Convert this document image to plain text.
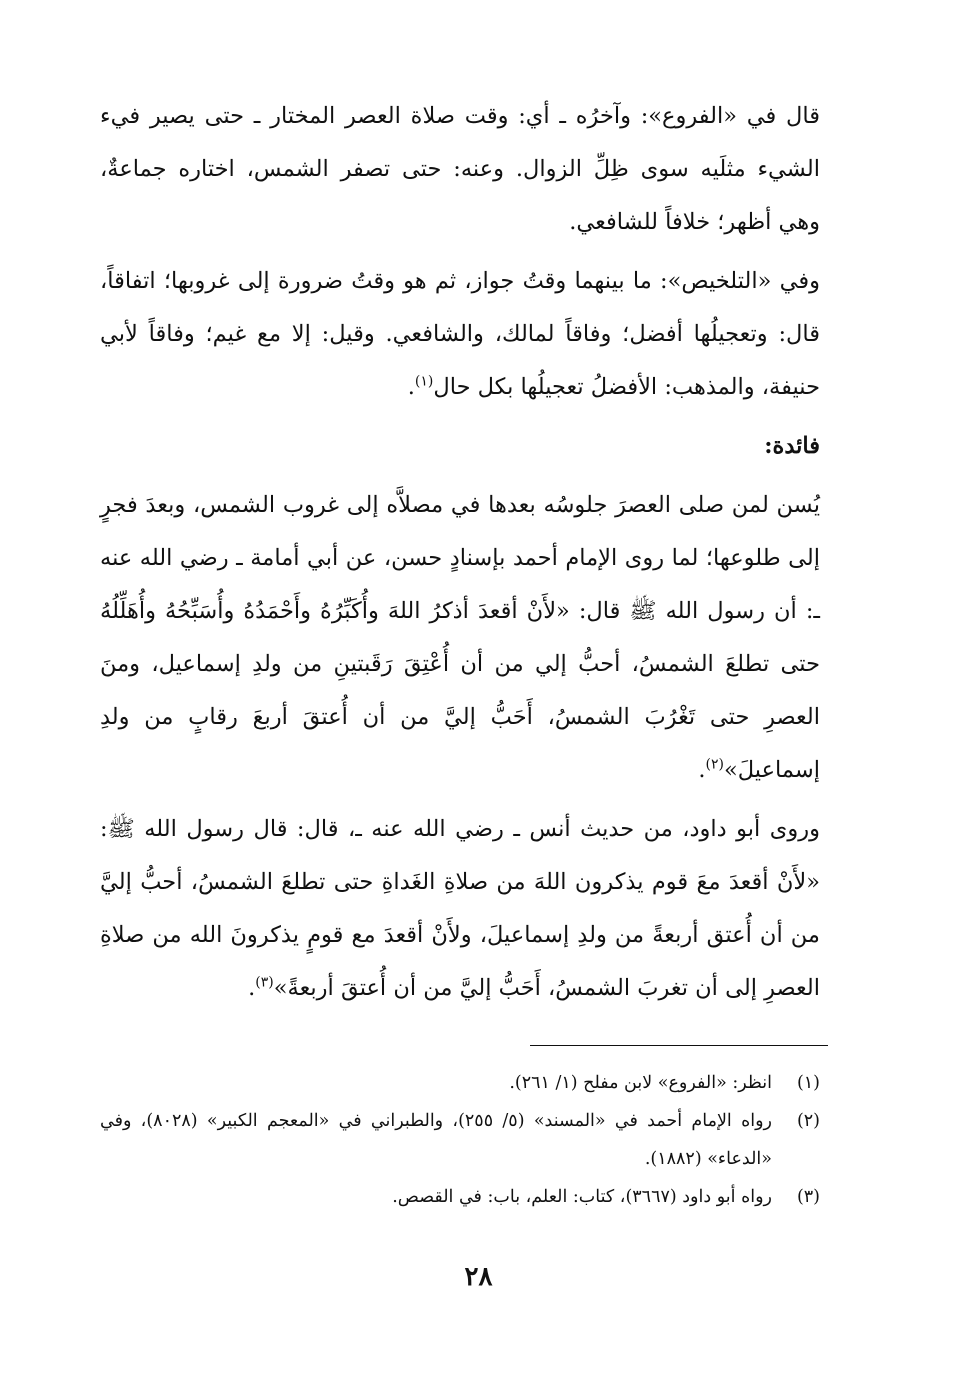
قال في «الفروع»: وآخرُه ـ أي: وقت صلاة العصر المختار ـ حتى يصير فيء الشيء مثلَيه سوى ظِلِّ الزوال. وعنه: حتى تصفر الشمس، اختاره جماعةٌ، وهي أظهر؛ خلافاً للشافعي.

وفي «التلخيص»: ما بينهما وقتُ جواز، ثم هو وقتُ ضرورة إلى غروبها؛ اتفاقاً، قال: وتعجيلُها أفضل؛ وفاقاً لمالك، والشافعي. وقيل: إلا مع غيم؛ وفاقاً لأبي حنيفة، والمذهب: الأفضلُ تعجيلُها بكل حال$^{(١)}$.

فائدة:

يُسن لمن صلى العصرَ جلوسُه بعدها في مصلاَّه إلى غروب الشمس، وبعدَ فجرٍ إلى طلوعها؛ لما روى الإمام أحمد بإسنادٍ حسن، عن أبي أمامة ـ رضي الله عنه ـ: أن رسول الله ﷺ قال: «لأَنْ أقعدَ أذكرُ اللهَ وأُكَبِّرُهُ وأَحْمَدُهُ وأُسَبِّحُهُ وأُهَلِّلُهُ حتى تطلعَ الشمسُ، أحبُّ إلي من أن أُعْتِقَ رَقَبتينِ من ولدِ إسماعيل، ومنَ العصرِ حتى تَغْرُبَ الشمسُ، أَحَبُّ إليَّ من أن أُعتقَ أربعَ رقابٍ من ولدِ إسماعيلَ»$^{(٢)}$.

وروى أبو داود، من حديث أنس ـ رضي الله عنه ـ، قال: قال رسول الله ﷺ: «لأَنْ أقعدَ معَ قوم يذكرون اللهَ من صلاةِ الغَداةِ حتى تطلعَ الشمسُ، أحبُّ إليَّ من أن أُعتق أربعةً من ولدِ إسماعيلَ، ولأَنْ أقعدَ مع قومٍ يذكرونَ الله من صلاةِ العصرِ إلى أن تغربَ الشمسُ، أَحَبُّ إليَّ من أن أُعتقَ أربعةً»$^{(٣)}$.

(١)
انظر: «الفروع» لابن مفلح (١/ ٢٦١).
(٢)
رواه الإمام أحمد في «المسند» (٥/ ٢٥٥)، والطبراني في «المعجم الكبير» (٨٠٢٨)، وفي «الدعاء» (١٨٨٢).
(٣)
رواه أبو داود (٣٦٦٧)، كتاب: العلم، باب: في القصص.
٢٨
